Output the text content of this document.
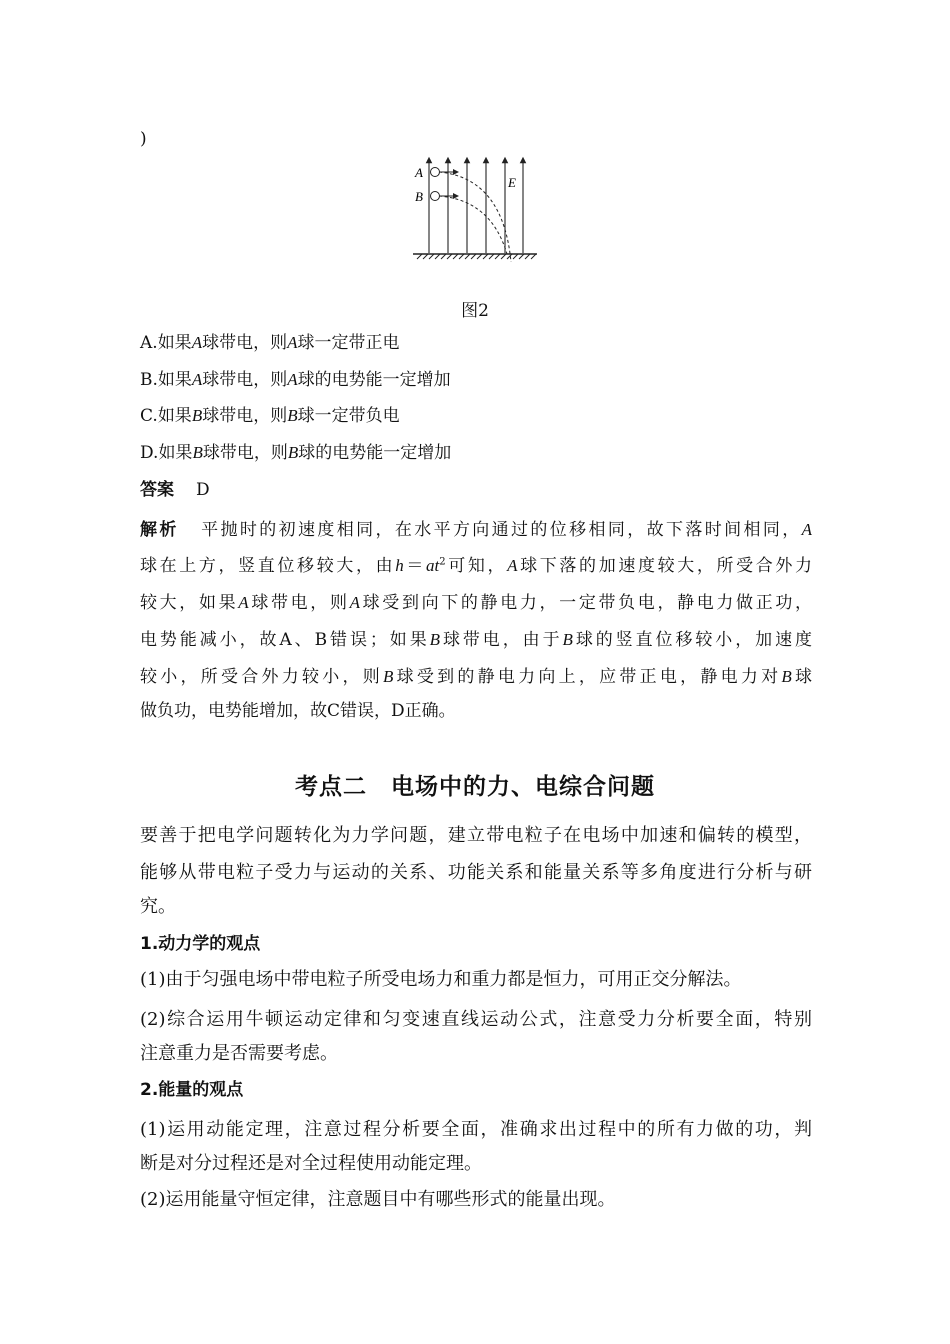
)
A
B
E
图2
A.如果A球带电，则A球一定带正电
B.如果A球带电，则A球的电势能一定增加
C.如果B球带电，则B球一定带负电
D.如果B球带电，则B球的电势能一定增加
答案 D
解析 平抛时的初速度相同，在水平方向通过的位移相同，故下落时间相同，A
球在上方，竖直位移较大，由$h=at^2$可知，A球下落的加速度较大，所受合外力
较大，如果A球带电，则A球受到向下的静电力，一定带负电，静电力做正功，
电势能减小，故A、B错误；如果B球带电，由于B球的竖直位移较小，加速度
较小，所受合外力较小，则B球受到的静电力向上，应带正电，静电力对B球
做负功，电势能增加，故C错误，D正确。
考点二　电场中的力、电综合问题
要善于把电学问题转化为力学问题，建立带电粒子在电场中加速和偏转的模型，
能够从带电粒子受力与运动的关系、功能关系和能量关系等多角度进行分析与研
究。
1.动力学的观点
(1)由于匀强电场中带电粒子所受电场力和重力都是恒力，可用正交分解法。
(2)综合运用牛顿运动定律和匀变速直线运动公式，注意受力分析要全面，特别
注意重力是否需要考虑。
2.能量的观点
(1)运用动能定理，注意过程分析要全面，准确求出过程中的所有力做的功，判
断是对分过程还是对全过程使用动能定理。
(2)运用能量守恒定律，注意题目中有哪些形式的能量出现。
